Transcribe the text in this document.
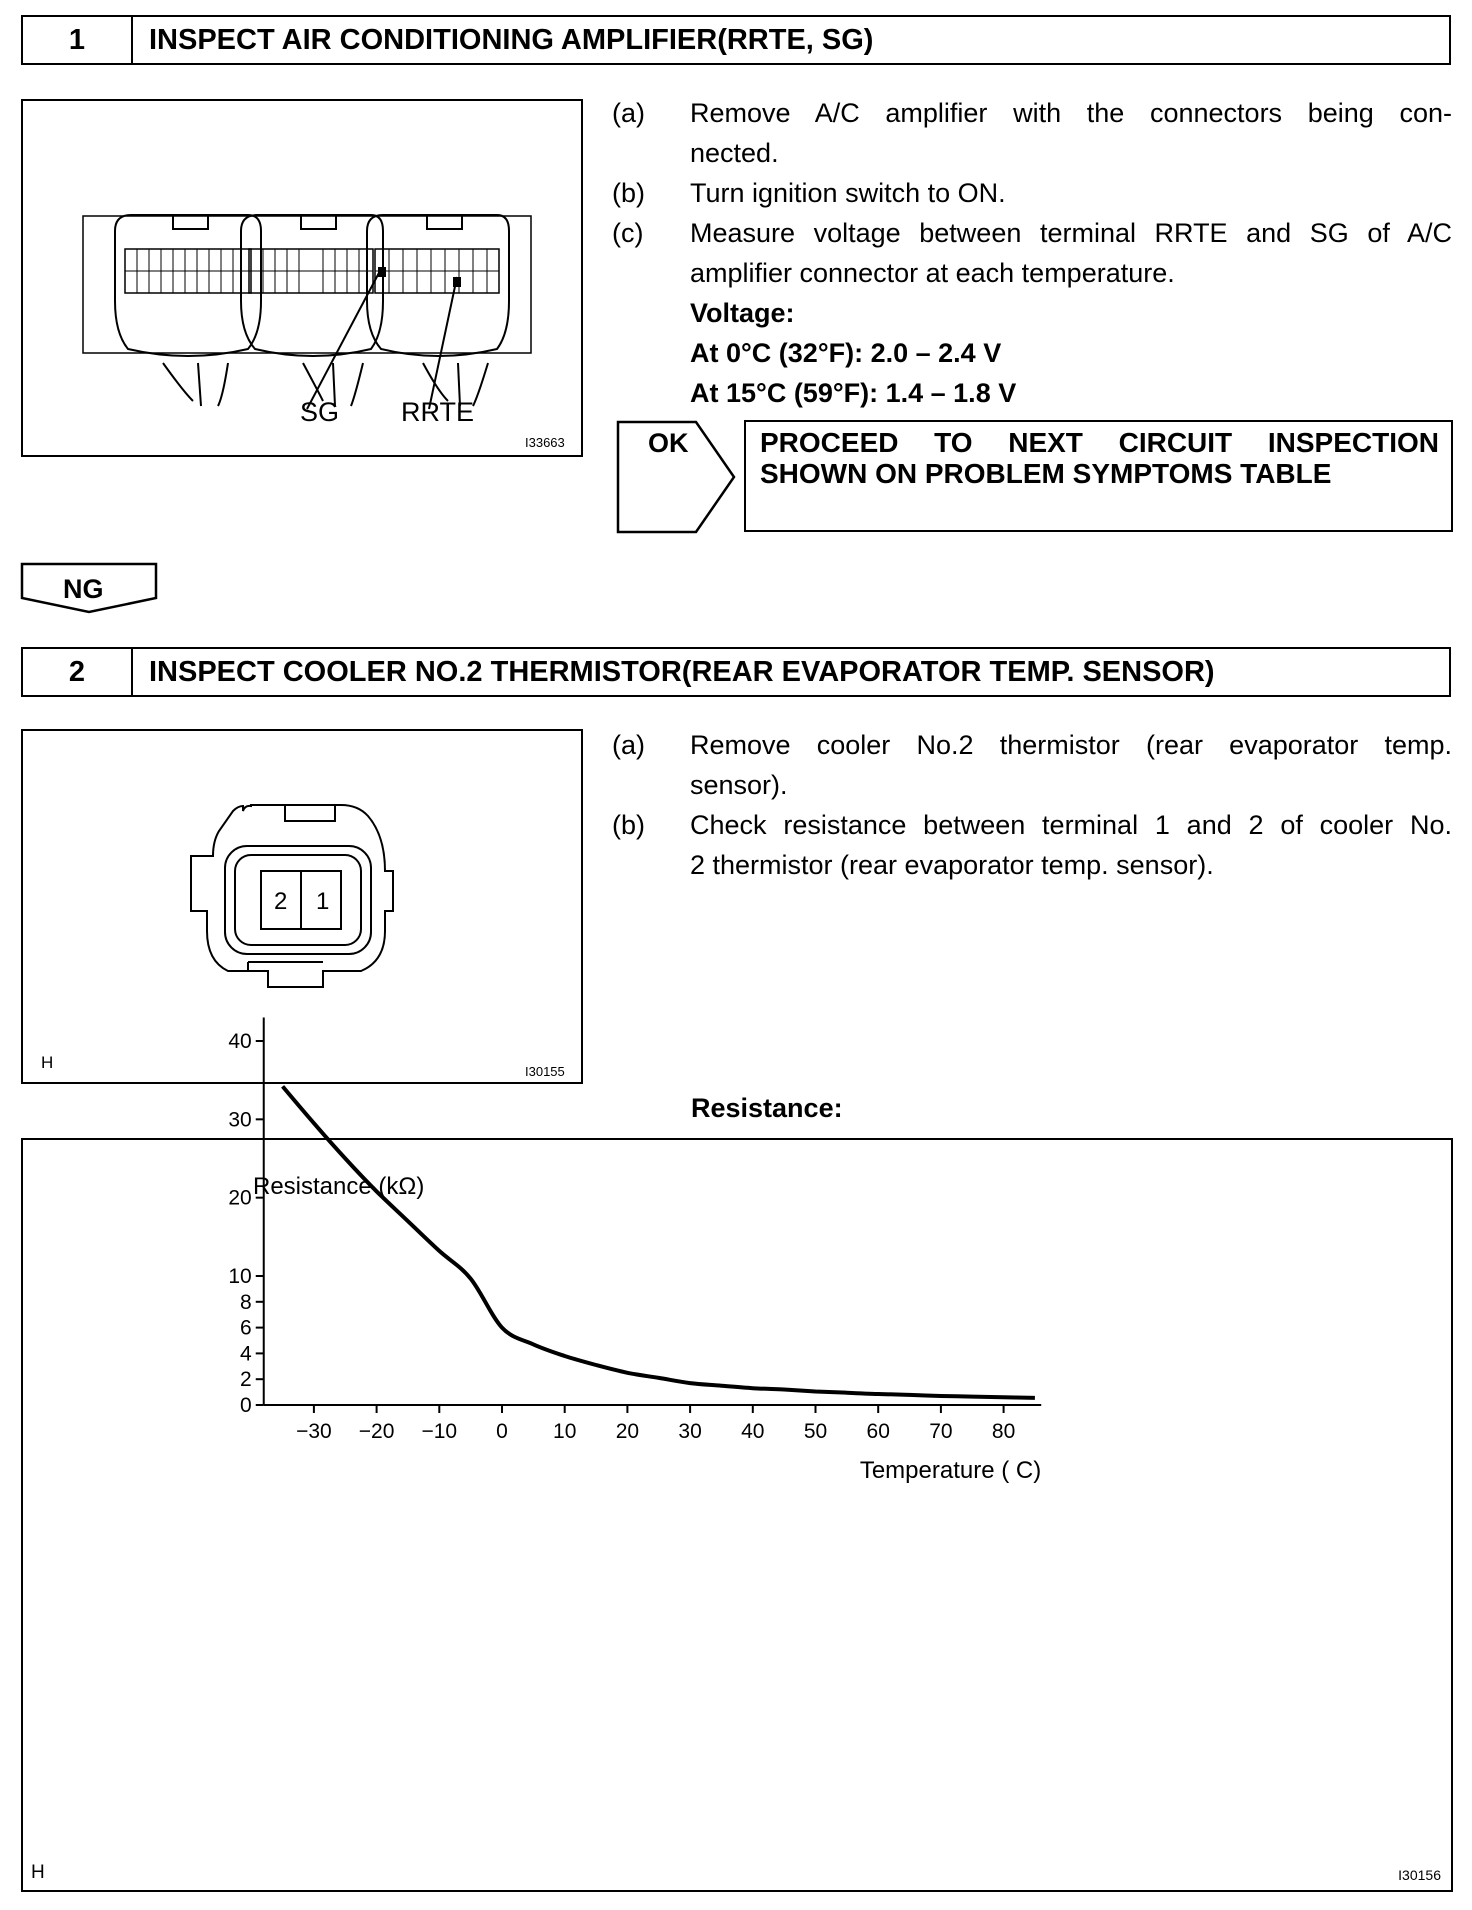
1	INSPECT AIR CONDITIONING AMPLIFIER(RRTE, SG)
SG RRTE
I33663
(a) Remove A/C amplifier with the connectors being con-
nected.
(b) Turn ignition switch to ON.
(c) Measure voltage between terminal RRTE and SG of A/C
amplifier connector at each temperature.
Voltage:
At 0°C (32°F): 2.0 – 2.4 V
At 15°C (59°F): 1.4 – 1.8 V
OK	PROCEED TO NEXT CIRCUIT INSPECTION
SHOWN ON PROBLEM SYMPTOMS TABLE
NG
2	INSPECT COOLER NO.2 THERMISTOR(REAR EVAPORATOR TEMP. SENSOR)
2 1
H	I30155
(a) Remove cooler No.2 thermistor (rear evaporator temp.
sensor).
(b) Check resistance between terminal 1 and 2 of cooler No.
2 thermistor (rear evaporator temp. sensor).
Resistance:
0
2
4
6
8
10
20
30
40
−30 −20 −10 0 10 20 30 40 50 60 70 80
Resistance (kΩ)
Temperature ( C)
H	I30156
